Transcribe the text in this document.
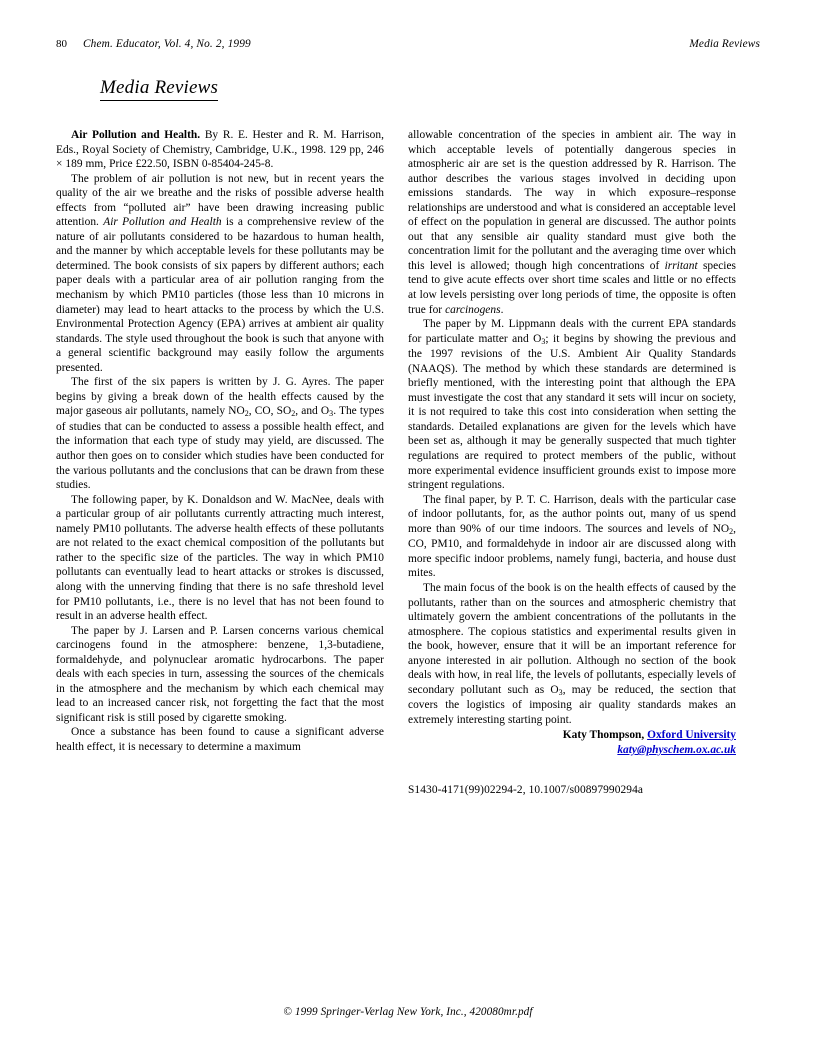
80 Chem. Educator, Vol. 4, No. 2, 1999	Media Reviews
Media Reviews

Air Pollution and Health. By R. E. Hester and R. M. Harrison, Eds., Royal Society of Chemistry, Cambridge, U.K., 1998. 129 pp, 246 × 189 mm, Price £22.50, ISBN 0-85404-245-8.

The problem of air pollution is not new, but in recent years the quality of the air we breathe and the risks of possible adverse health effects from “polluted air” have been drawing increasing public attention. Air Pollution and Health is a comprehensive review of the nature of air pollutants considered to be hazardous to human health, and the manner by which acceptable levels for these pollutants may be determined. The book consists of six papers by different authors; each paper deals with a particular area of air pollution ranging from the mechanism by which PM10 particles (those less than 10 microns in diameter) may lead to heart attacks to the process by which the U.S. Environmental Protection Agency (EPA) arrives at ambient air quality standards. The style used throughout the book is such that anyone with a general scientific background may easily follow the arguments presented.

The first of the six papers is written by J. G. Ayres. The paper begins by giving a break down of the health effects caused by the major gaseous air pollutants, namely $NO_2$, CO, $SO_2$, and $O_3$. The types of studies that can be conducted to assess a possible health effect, and the information that each type of study may yield, are discussed. The author then goes on to consider which studies have been conducted for the various pollutants and the conclusions that can be drawn from these studies.

The following paper, by K. Donaldson and W. MacNee, deals with a particular group of air pollutants currently attracting much interest, namely PM10 pollutants. The adverse health effects of these pollutants are not related to the exact chemical composition of the pollutants but rather to the specific size of the particles. The way in which PM10 pollutants can eventually lead to heart attacks or strokes is discussed, along with the unnerving finding that there is no safe threshold level for PM10 pollutants, i.e., there is no level that has not been found to result in an adverse health effect.

The paper by J. Larsen and P. Larsen concerns various chemical carcinogens found in the atmosphere: benzene, 1,3-butadiene, formaldehyde, and polynuclear aromatic hydrocarbons. The paper deals with each species in turn, assessing the sources of the chemicals in the atmosphere and the mechanism by which each chemical may lead to an increased cancer risk, not forgetting the fact that the most significant risk is still posed by cigarette smoking.

Once a substance has been found to cause a significant adverse health effect, it is necessary to determine a maximum

allowable concentration of the species in ambient air. The way in which acceptable levels of potentially dangerous species in atmospheric air are set is the question addressed by R. Harrison. The author describes the various stages involved in deciding upon emissions standards. The way in which exposure–response relationships are understood and what is considered an acceptable level of effect on the population in general are discussed. The author points out that any sensible air quality standard must give both the concentration limit for the pollutant and the averaging time over which this level is allowed; though high concentrations of irritant species tend to give acute effects over short time scales and little or no effects at low levels persisting over long periods of time, the opposite is often true for carcinogens.

The paper by M. Lippmann deals with the current EPA standards for particulate matter and $O_3$; it begins by showing the previous and the 1997 revisions of the U.S. Ambient Air Quality Standards (NAAQS). The method by which these standards are determined is briefly mentioned, with the interesting point that although the EPA must investigate the cost that any standard it sets will incur on society, it is not required to take this cost into consideration when setting the standards. Detailed explanations are given for the levels which have been set as, although it may be generally suspected that much tighter regulations are required to protect members of the public, without more experimental evidence insufficient grounds exist to impose more stringent regulations.

The final paper, by P. T. C. Harrison, deals with the particular case of indoor pollutants, for, as the author points out, many of us spend more than 90% of our time indoors. The sources and levels of $NO_2$, CO, PM10, and formaldehyde in indoor air are discussed along with more specific indoor problems, namely fungi, bacteria, and house dust mites.

The main focus of the book is on the health effects of caused by the pollutants, rather than on the sources and atmospheric chemistry that ultimately govern the ambient concentrations of the pollutants in the atmosphere. The copious statistics and experimental results given in the book, however, ensure that it will be an important reference for anyone interested in air pollution. Although no section of the book deals with how, in real life, the levels of pollutants, especially levels of secondary pollutant such as $O_3$, may be reduced, the section that covers the logistics of imposing air quality standards makes an extremely interesting starting point.

Katy Thompson, Oxford University
katy@physchem.ox.ac.uk
S1430-4171(99)02294-2, 10.1007/s00897990294a
© 1999 Springer-Verlag New York, Inc., 420080mr.pdf
